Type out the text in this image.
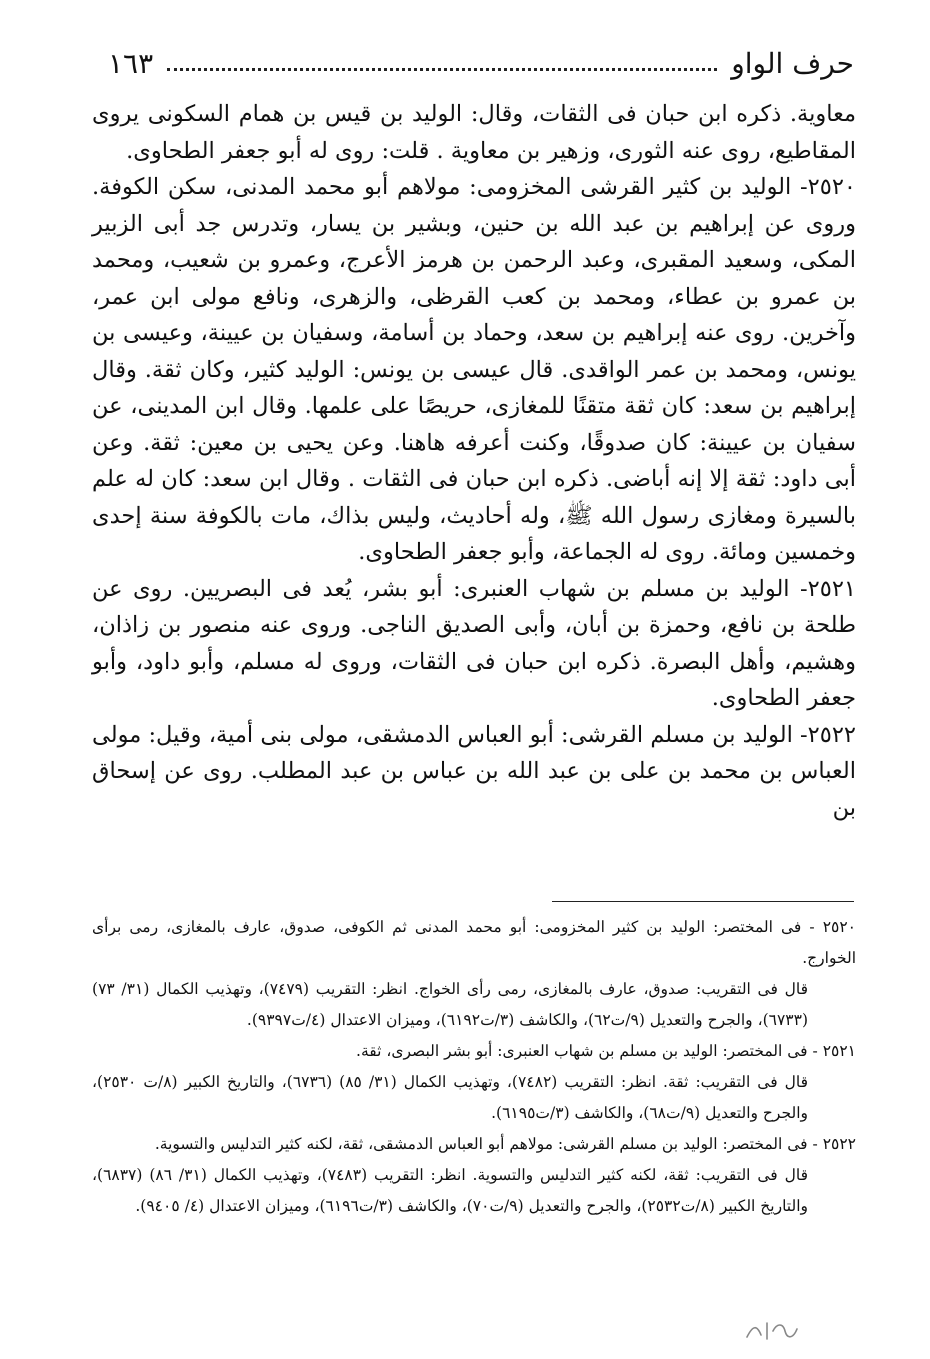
حرف الواو
١٦٣

معاوية. ذكره ابن حبان فى الثقات، وقال: الوليد بن قيس بن همام السكونى يروى المقاطيع، روى عنه الثورى، وزهير بن معاوية . قلت: روى له أبو جعفر الطحاوى.

٢٥٢٠- الوليد بن كثير القرشى المخزومى: مولاهم أبو محمد المدنى، سكن الكوفة. وروى عن إبراهيم بن عبد الله بن حنين، وبشير بن يسار، وتدرس جد أبى الزبير المكى، وسعيد المقبرى، وعبد الرحمن بن هرمز الأعرج، وعمرو بن شعيب، ومحمد بن عمرو بن عطاء، ومحمد بن كعب القرظى، والزهرى، ونافع مولى ابن عمر، وآخرين. روى عنه إبراهيم بن سعد، وحماد بن أسامة، وسفيان بن عيينة، وعيسى بن يونس، ومحمد بن عمر الواقدى. قال عيسى بن يونس: الوليد كثير، وكان ثقة. وقال إبراهيم بن سعد: كان ثقة متقنًا للمغازى، حريصًا على علمها. وقال ابن المدينى، عن سفيان بن عيينة: كان صدوقًا، وكنت أعرفه هاهنا. وعن يحيى بن معين: ثقة. وعن أبى داود: ثقة إلا إنه أباضى. ذكره ابن حبان فى الثقات . وقال ابن سعد: كان له علم بالسيرة ومغازى رسول الله ﷺ، وله أحاديث، وليس بذاك، مات بالكوفة سنة إحدى وخمسين ومائة. روى له الجماعة، وأبو جعفر الطحاوى.

٢٥٢١- الوليد بن مسلم بن شهاب العنبرى: أبو بشر، يُعد فى البصريين. روى عن طلحة بن نافع، وحمزة بن أبان، وأبى الصديق الناجى. وروى عنه منصور بن زاذان، وهشيم، وأهل البصرة. ذكره ابن حبان فى الثقات، وروى له مسلم، وأبو داود، وأبو جعفر الطحاوى.

٢٥٢٢- الوليد بن مسلم القرشى: أبو العباس الدمشقى، مولى بنى أمية، وقيل: مولى العباس بن محمد بن على بن عبد الله بن عباس بن عبد المطلب. روى عن إسحاق بن

٢٥٢٠ - فى المختصر: الوليد بن كثير المخزومى: أبو محمد المدنى ثم الكوفى، صدوق، عارف بالمغازى، رمى برأى الخوارج.

قال فى التقريب: صدوق، عارف بالمغازى، رمى رأى الخواج. انظر: التقريب (٧٤٧٩)، وتهذيب الكمال (٣١/ ٧٣) (٦٧٣٣)، والجرح والتعديل (٩/ت٦٢)، والكاشف (٣/ت٦١٩٢)، وميزان الاعتدال (٤/ت٩٣٩٧).

٢٥٢١ - فى المختصر: الوليد بن مسلم بن شهاب العنبرى: أبو بشر البصرى، ثقة.

قال فى التقريب: ثقة. انظر: التقريب (٧٤٨٢)، وتهذيب الكمال (٣١/ ٨٥) (٦٧٣٦)، والتاريخ الكبير (٨/ت ٢٥٣٠)، والجرح والتعديل (٩/ت٦٨)، والكاشف (٣/ت٦١٩٥).

٢٥٢٢ - فى المختصر: الوليد بن مسلم القرشى: مولاهم أبو العباس الدمشقى، ثقة، لكنه كثير التدليس والتسوية.

قال فى التقريب: ثقة، لكنه كثير التدليس والتسوية. انظر: التقريب (٧٤٨٣)، وتهذيب الكمال (٣١/ ٨٦) (٦٨٣٧)، والتاريخ الكبير (٨/ت٢٥٣٢)، والجرح والتعديل (٩/ت٧٠)، والكاشف (٣/ت٦١٩٦)، وميزان الاعتدال (٤/ ٩٤٠٥).
